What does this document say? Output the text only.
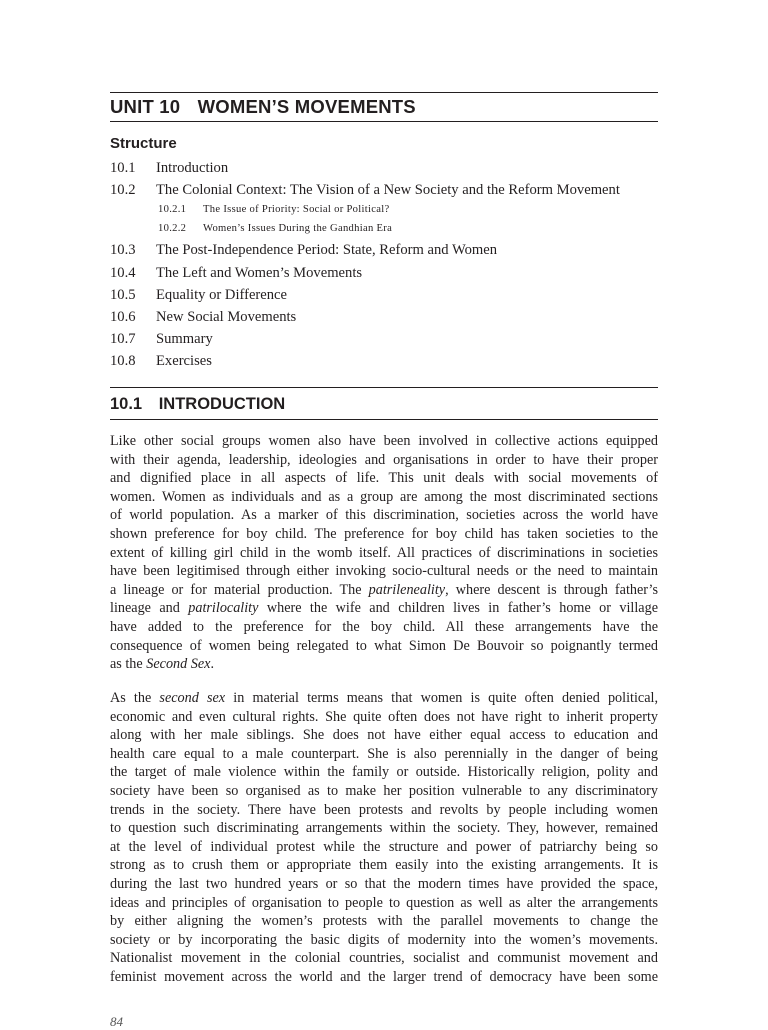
UNIT 10 WOMEN’S MOVEMENTS
Structure
10.1	Introduction
10.2	The Colonial Context: The Vision of a New Society and the Reform Movement
10.2.1	The Issue of Priority: Social or Political?
10.2.2	Women’s Issues During the Gandhian Era
10.3	The Post-Independence Period: State, Reform and Women
10.4	The Left and Women’s Movements
10.5	Equality or Difference
10.6	New Social Movements
10.7	Summary
10.8	Exercises
10.1 INTRODUCTION
Like other social groups women also have been involved in collective actions equipped
with their agenda, leadership, ideologies and organisations in order to have their proper
and dignified place in all aspects of life. This unit deals with social movements of
women. Women as individuals and as a group are among the most discriminated sections
of world population. As a marker of this discrimination, societies across the world have
shown preference for boy child. The preference for boy child has taken societies to the
extent of killing girl child in the womb itself. All practices of discriminations in societies
have been legitimised through either invoking socio-cultural needs or the need to maintain
a lineage or for material production. The patrileneality, where descent is through father’s
lineage and patrilocality where the wife and children lives in father’s home or village
have added to the preference for the boy child. All these arrangements have the
consequence of women being relegated to what Simon De Bouvoir so poignantly termed
as the Second Sex.
As the second sex in material terms means that women is quite often denied political,
economic and even cultural rights. She quite often does not have right to inherit property
along with her male siblings. She does not have either equal access to education and
health care equal to a male counterpart. She is also perennially in the danger of being
the target of male violence within the family or outside. Historically religion, polity and
society have been so organised as to make her position vulnerable to any discriminatory
trends in the society. There have been protests and revolts by people including women
to question such discriminating arrangements within the society. They, however, remained
at the level of individual protest while the structure and power of patriarchy being so
strong as to crush them or appropriate them easily into the existing arrangements. It is
during the last two hundred years or so that the modern times have provided the space,
ideas and principles of organisation to people to question as well as alter the arrangements
by either aligning the women’s protests with the parallel movements to change the
society or by incorporating the basic digits of modernity into the women’s movements.
Nationalist movement in the colonial countries, socialist and communist movement and
feminist movement across the world and the larger trend of democracy have been some
84
